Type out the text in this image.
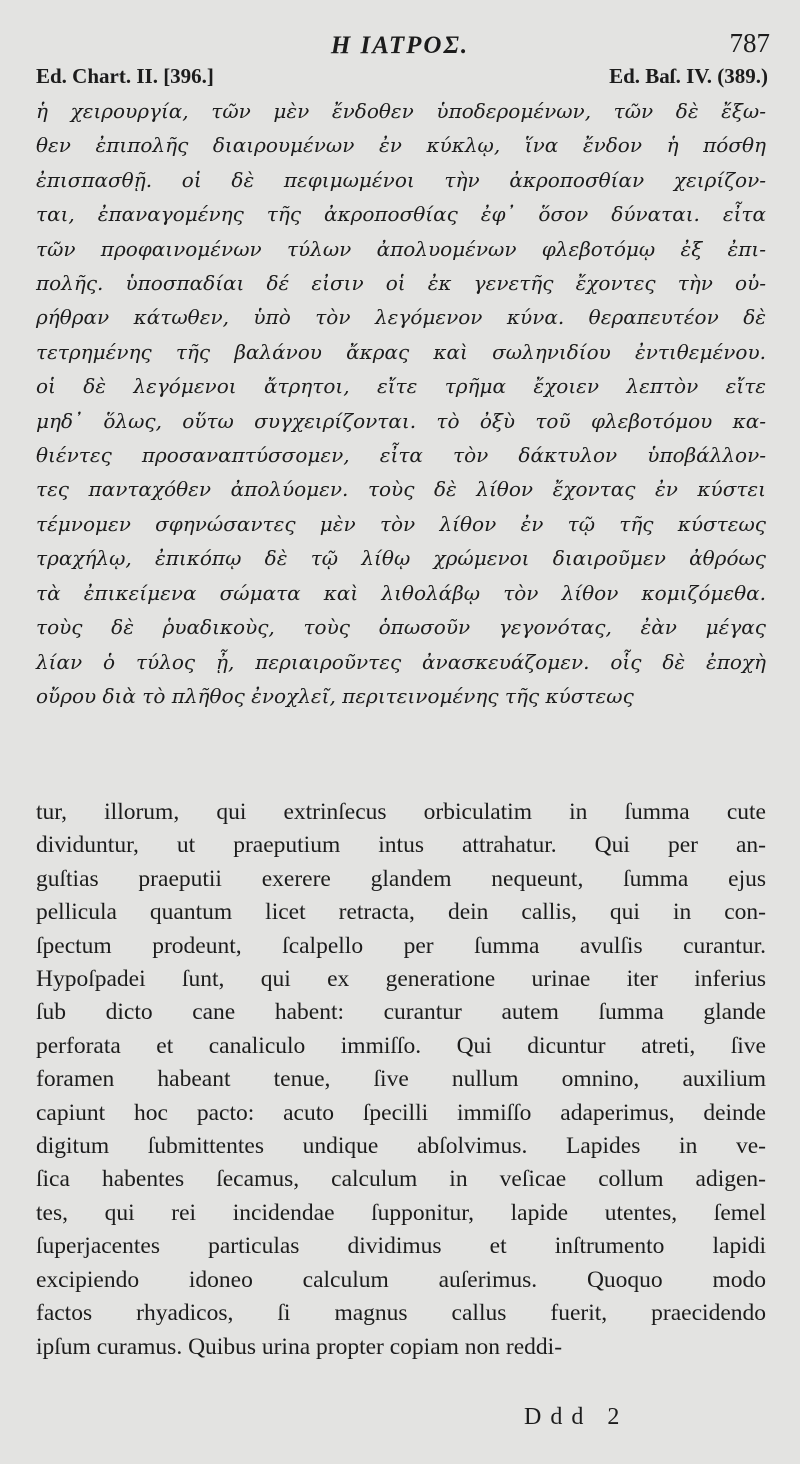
Η ΙΑΤΡΟΣ.	787
Ed. Chart. II. [396.]	Ed. Baſ. IV. (389.)
ἡ χειρουργία, τῶν μὲν ἔνδοθεν ὑποδερομένων, τῶν δὲ ἔξω-
θεν ἐπιπολῆς διαιρουμένων ἐν κύκλῳ, ἵνα ἔνδον ἡ πόσθη
ἐπισπασθῇ. οἱ δὲ πεφιμωμένοι τὴν ἀκροποσθίαν χειρίζον-
ται, ἐπαναγομένης τῆς ἀκροποσθίας ἐφ᾽ ὅσον δύναται. εἶτα
τῶν προφαινομένων τύλων ἀπολυομένων φλεβοτόμῳ ἐξ ἐπι-
πολῆς. ὑποσπαδίαι δέ εἰσιν οἱ ἐκ γενετῆς ἔχοντες τὴν οὐ-
ρήθραν κάτωθεν, ὑπὸ τὸν λεγόμενον κύνα. θεραπευτέον δὲ
τετρημένης τῆς βαλάνου ἄκρας καὶ σωληνιδίου ἐντιθεμένου.
οἱ δὲ λεγόμενοι ἄτρητοι, εἴτε τρῆμα ἔχοιεν λεπτὸν εἴτε
μηδ᾽ ὅλως, οὕτω συγχειρίζονται. τὸ ὀξὺ τοῦ φλεβοτόμου κα-
θιέντες προσαναπτύσσομεν, εἶτα τὸν δάκτυλον ὑποβάλλον-
τες πανταχόθεν ἀπολύομεν. τοὺς δὲ λίθον ἔχοντας ἐν κύστει
τέμνομεν σφηνώσαντες μὲν τὸν λίθον ἐν τῷ τῆς κύστεως
τραχήλῳ, ἐπικόπῳ δὲ τῷ λίθῳ χρώμενοι διαιροῦμεν ἀθρόως
τὰ ἐπικείμενα σώματα καὶ λιθολάβῳ τὸν λίθον κομιζόμεθα.
τοὺς δὲ ῥυαδικοὺς, τοὺς ὁπωσοῦν γεγονότας, ἐὰν μέγας
λίαν ὁ τύλος ᾖ, περιαιροῦντες ἀνασκευάζομεν. οἷς δὲ ἐποχὴ
οὔρου διὰ τὸ πλῆθος ἐνοχλεῖ, περιτεινομένης τῆς κύστεως
tur, illorum, qui extrinſecus orbiculatim in ſumma cute
dividuntur, ut praeputium intus attrahatur. Qui per an-
guſtias praeputii exerere glandem nequeunt, ſumma ejus
pellicula quantum licet retracta, dein callis, qui in con-
ſpectum prodeunt, ſcalpello per ſumma avulſis curantur.
Hypoſpadei ſunt, qui ex generatione urinae iter inferius
ſub dicto cane habent: curantur autem ſumma glande
perforata et canaliculo immiſſo. Qui dicuntur atreti, ſive
foramen habeant tenue, ſive nullum omnino, auxilium
capiunt hoc pacto: acuto ſpecilli immiſſo adaperimus, deinde
digitum ſubmittentes undique abſolvimus. Lapides in ve-
ſica habentes ſecamus, calculum in veſicae collum adigen-
tes, qui rei incidendae ſupponitur, lapide utentes, ſemel
ſuperjacentes particulas dividimus et inſtrumento lapidi
excipiendo idoneo calculum auſerimus. Quoquo modo
factos rhyadicos, ſi magnus callus fuerit, praecidendo
ipſum curamus. Quibus urina propter copiam non reddi-
Ddd 2
